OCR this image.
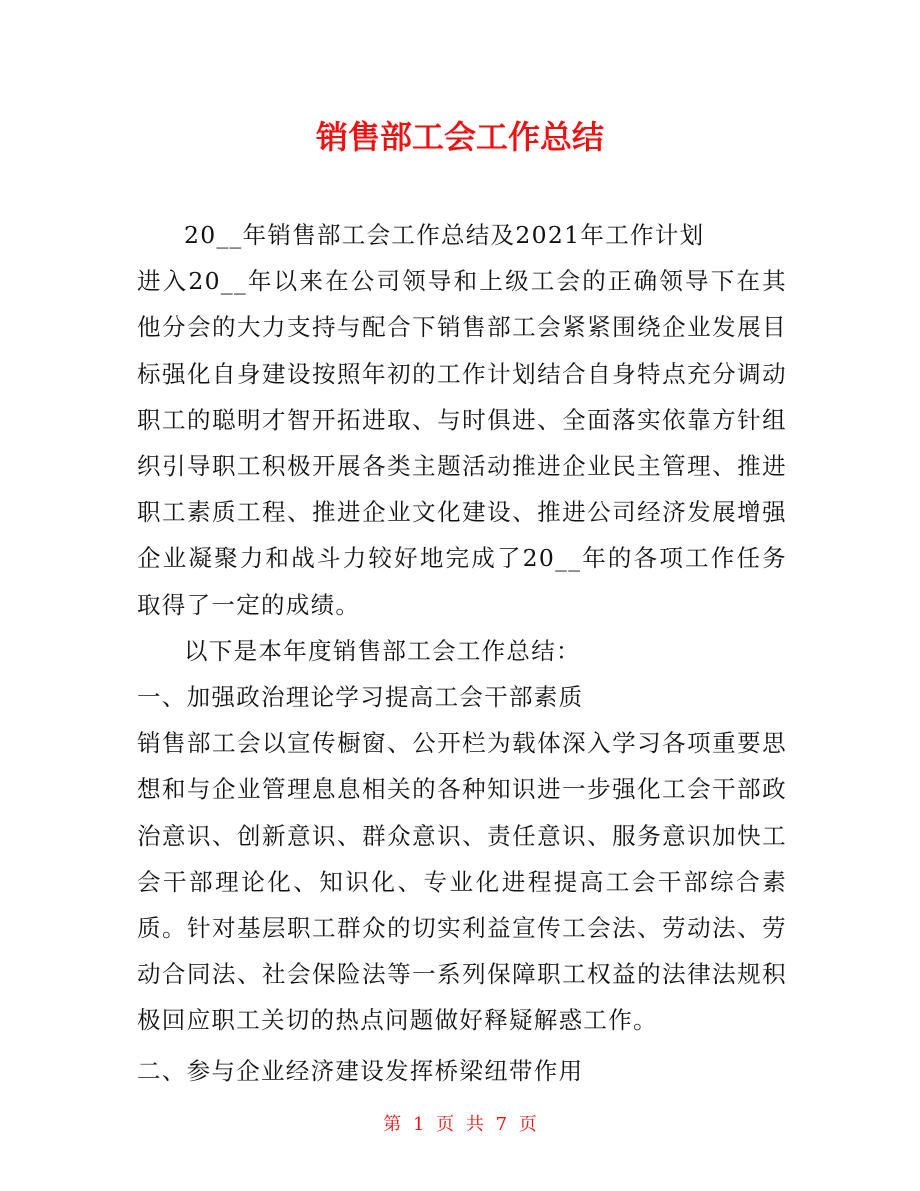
销售部工会工作总结

20__年销售部工会工作总结及2021年工作计划

进入20__年以来在公司领导和上级工会的正确领导下在其他分会的大力支持与配合下销售部工会紧紧围绕企业发展目标强化自身建设按照年初的工作计划结合自身特点充分调动职工的聪明才智开拓进取、与时俱进、全面落实依靠方针组织引导职工积极开展各类主题活动推进企业民主管理、推进职工素质工程、推进企业文化建设、推进公司经济发展增强企业凝聚力和战斗力较好地完成了20__年的各项工作任务取得了一定的成绩。

以下是本年度销售部工会工作总结：

一、加强政治理论学习提高工会干部素质

销售部工会以宣传橱窗、公开栏为载体深入学习各项重要思想和与企业管理息息相关的各种知识进一步强化工会干部政治意识、创新意识、群众意识、责任意识、服务意识加快工会干部理论化、知识化、专业化进程提高工会干部综合素质。针对基层职工群众的切实利益宣传工会法、劳动法、劳动合同法、社会保险法等一系列保障职工权益的法律法规积极回应职工关切的热点问题做好释疑解惑工作。

二、参与企业经济建设发挥桥梁纽带作用

第 1 页 共 7 页
